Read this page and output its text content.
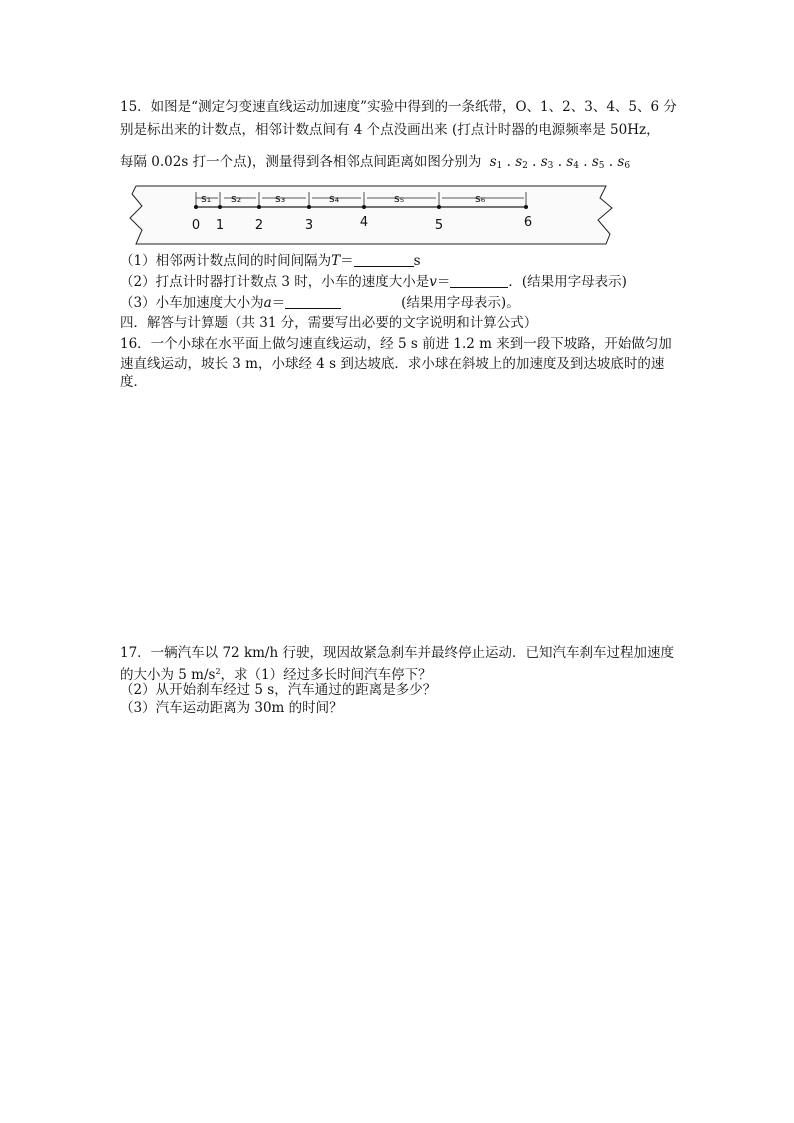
15．如图是“测定匀变速直线运动加速度”实验中得到的一条纸带，O、1、2、3、4、5、6 分
别是标出来的计数点，相邻计数点间有 4 个点没画出来 (打点计时器的电源频率是 50Hz，
每隔 0.02s 打一个点)，测量得到各相邻点间距离如图分别为 $s_1$ . $s_2$ . $s_3$ . $s_4$ . $s_5$ . $s_6$
s₁ s₂	s₃	s₄	s₅	s₆
0 1 2	3	4	5	6
（1）相邻两计数点间的时间间隔为T＝	s
（2）打点计时器打计数点 3 时，小车的速度大小是v＝	．(结果用字母表示)
（3）小车加速度大小为a＝	(结果用字母表示)。
四．解答与计算题（共 31 分，需要写出必要的文字说明和计算公式）
16．一个小球在水平面上做匀速直线运动，经 5 s 前进 1.2 m 来到一段下坡路，开始做匀加
速直线运动，坡长 3 m，小球经 4 s 到达坡底．求小球在斜坡上的加速度及到达坡底时的速
度．
17．一辆汽车以 72 km/h 行驶，现因故紧急刹车并最终停止运动．已知汽车刹车过程加速度
的大小为 5 $m/s^2$，求（1）经过多长时间汽车停下？
（2）从开始刹车经过 5 s，汽车通过的距离是多少？
（3）汽车运动距离为 30m 的时间？
